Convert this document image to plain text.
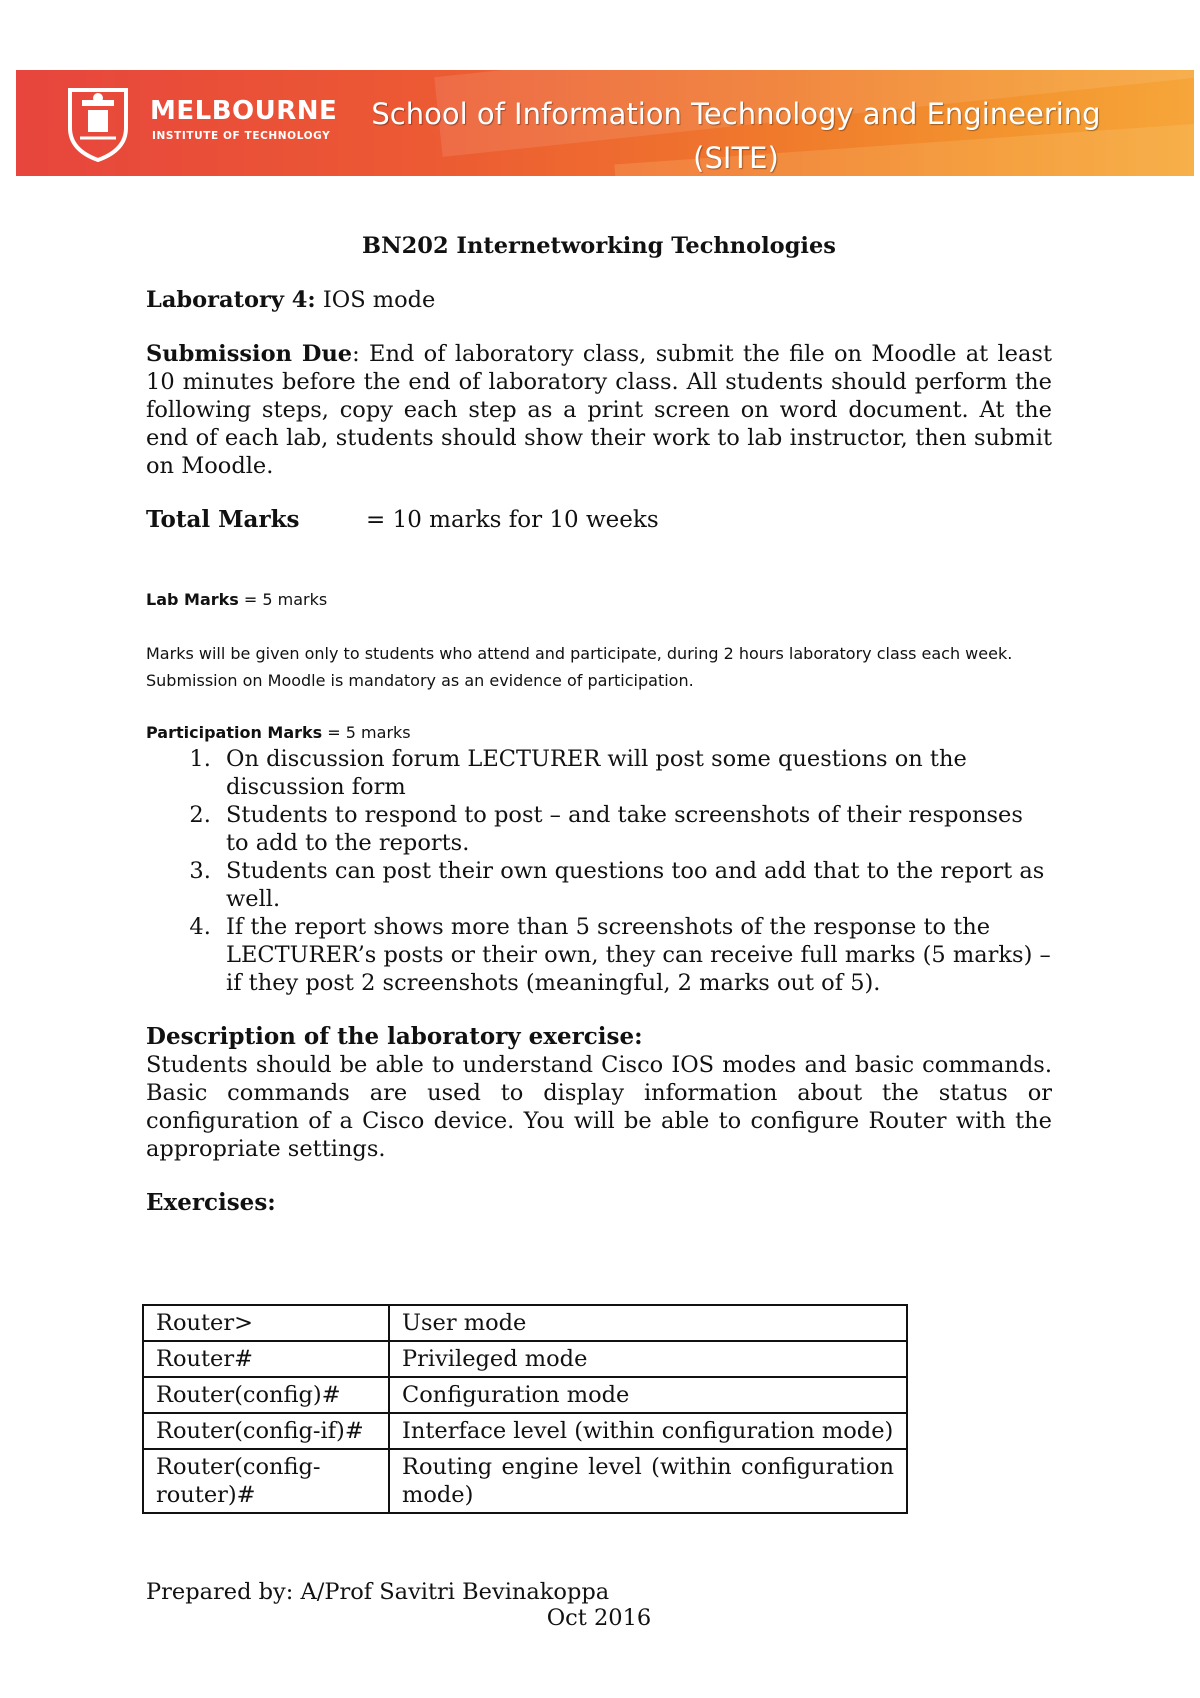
MELBOURNE
INSTITUTE OF TECHNOLOGY
School of Information Technology and Engineering
(SITE)

BN202 Internetworking Technologies

Laboratory 4: IOS mode

Submission Due: End of laboratory class, submit the file on Moodle at least 10 minutes before the end of laboratory class. All students should perform the following steps, copy each step as a print screen on word document. At the end of each lab, students should show their work to lab instructor, then submit on Moodle.

Total Marks	= 10 marks for 10 weeks

Lab Marks = 5 marks

Marks will be given only to students who attend and participate, during 2 hours laboratory class each week.

Submission on Moodle is mandatory as an evidence of participation.

Participation Marks = 5 marks

1. On discussion forum LECTURER will post some questions on the discussion form
2. Students to respond to post – and take screenshots of their responses to add to the reports.
3. Students can post their own questions too and add that to the report as well.
4. If the report shows more than 5 screenshots of the response to the LECTURER’s posts or their own, they can receive full marks (5 marks) – if they post 2 screenshots (meaningful, 2 marks out of 5).
Description of the laboratory exercise:

Students should be able to understand Cisco IOS modes and basic commands. Basic commands are used to display information about the status or configuration of a Cisco device. You will be able to configure Router with the appropriate settings.

Exercises:
Router>	User mode
Router#	Privileged mode
Router(config)#	Configuration mode
Router(config-if)#	Interface level (within configuration mode)
Router(config-router)#	Routing engine level (within configuration mode)

Prepared by: A/Prof Savitri Bevinakoppa

Oct 2016
